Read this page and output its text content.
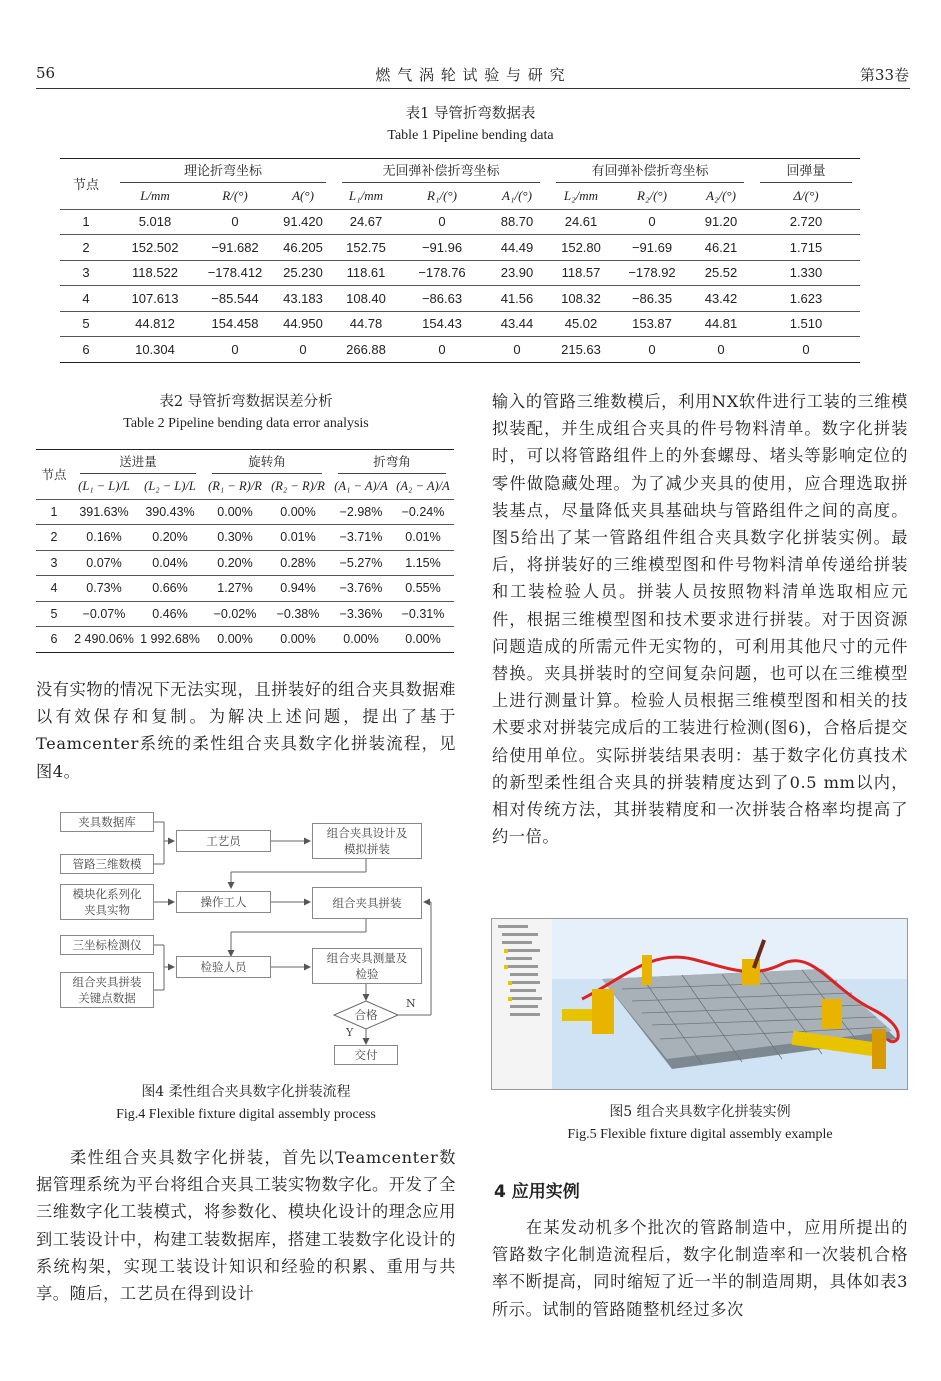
56	燃 气 涡 轮 试 验 与 研 究	第33卷
表1 导管折弯数据表
Table 1 Pipeline bending data
节点	理论折弯坐标			无回弹补偿折弯坐标			有回弹补偿折弯坐标			回弹量

	L/mm	R/(°)	A(°)	L₁/mm	R₁/(°)	A₁/(°)	L₂/mm	R₂/(°)	A₂/(°)	Δ/(°)
1	5.018	0	91.420	24.67	0	88.70	24.61	0	91.20	2.720
2	152.502	−91.682	46.205	152.75	−91.96	44.49	152.80	−91.69	46.21	1.715
3	118.522	−178.412	25.230	118.61	−178.76	23.90	118.57	−178.92	25.52	1.330
4	107.613	−85.544	43.183	108.40	−86.63	41.56	108.32	−86.35	43.42	1.623
5	44.812	154.458	44.950	44.78	154.43	43.44	45.02	153.87	44.81	1.510
6	10.304	0	0	266.88	0	0	215.63	0	0	0
表2 导管折弯数据误差分析
Table 2 Pipeline bending data error analysis
节点	送进量		旋转角		折弯角	

	(L₁ − L)/L	(L₂ − L)/L	(R₁ − R)/R	(R₂ − R)/R	(A₁ − A)/A	(A₂ − A)/A
1	391.63%	390.43%	0.00%	0.00%	−2.98%	−0.24%
2	0.16%	0.20%	0.30%	0.01%	−3.71%	0.01%
3	0.07%	0.04%	0.20%	0.28%	−5.27%	1.15%
4	0.73%	0.66%	1.27%	0.94%	−3.76%	0.55%
5	−0.07%	0.46%	−0.02%	−0.38%	−3.36%	−0.31%
6	2 490.06%	1 992.68%	0.00%	0.00%	0.00%	0.00%

没有实物的情况下无法实现，且拼装好的组合夹具数据难以有效保存和复制。为解决上述问题，提出了基于Teamcenter系统的柔性组合夹具数字化拼装流程，见图4。

夹具数据库
管路三维数模
模块化系列化夹具实物
三坐标检测仪
组合夹具拼装关键点数据
工艺员
操作工人
检验人员
组合夹具设计及模拟拼装
组合夹具拼装
组合夹具测量及检验
合格
交付
Y
N
图4 柔性组合夹具数字化拼装流程
Fig.4 Flexible fixture digital assembly process

柔性组合夹具数字化拼装，首先以Teamcenter数据管理系统为平台将组合夹具工装实物数字化。开发了全三维数字化工装模式，将参数化、模块化设计的理念应用到工装设计中，构建工装数据库，搭建工装数字化设计的系统构架，实现工装设计知识和经验的积累、重用与共享。随后，工艺员在得到设计

输入的管路三维数模后，利用NX软件进行工装的三维模拟装配，并生成组合夹具的件号物料清单。数字化拼装时，可以将管路组件上的外套螺母、堵头等影响定位的零件做隐藏处理。为了减少夹具的使用，应合理选取拼装基点，尽量降低夹具基础块与管路组件之间的高度。图5给出了某一管路组件组合夹具数字化拼装实例。最后，将拼装好的三维模型图和件号物料清单传递给拼装和工装检验人员。拼装人员按照物料清单选取相应元件，根据三维模型图和技术要求进行拼装。对于因资源问题造成的所需元件无实物的，可利用其他尺寸的元件替换。夹具拼装时的空间复杂问题，也可以在三维模型上进行测量计算。检验人员根据三维模型图和相关的技术要求对拼装完成后的工装进行检测(图6)，合格后提交给使用单位。实际拼装结果表明：基于数字化仿真技术的新型柔性组合夹具的拼装精度达到了0.5 mm以内，相对传统方法，其拼装精度和一次拼装合格率均提高了约一倍。

图5 组合夹具数字化拼装实例
Fig.5 Flexible fixture digital assembly example
4 应用实例

在某发动机多个批次的管路制造中，应用所提出的管路数字化制造流程后，数字化制造率和一次装机合格率不断提高，同时缩短了近一半的制造周期，具体如表3所示。试制的管路随整机经过多次
